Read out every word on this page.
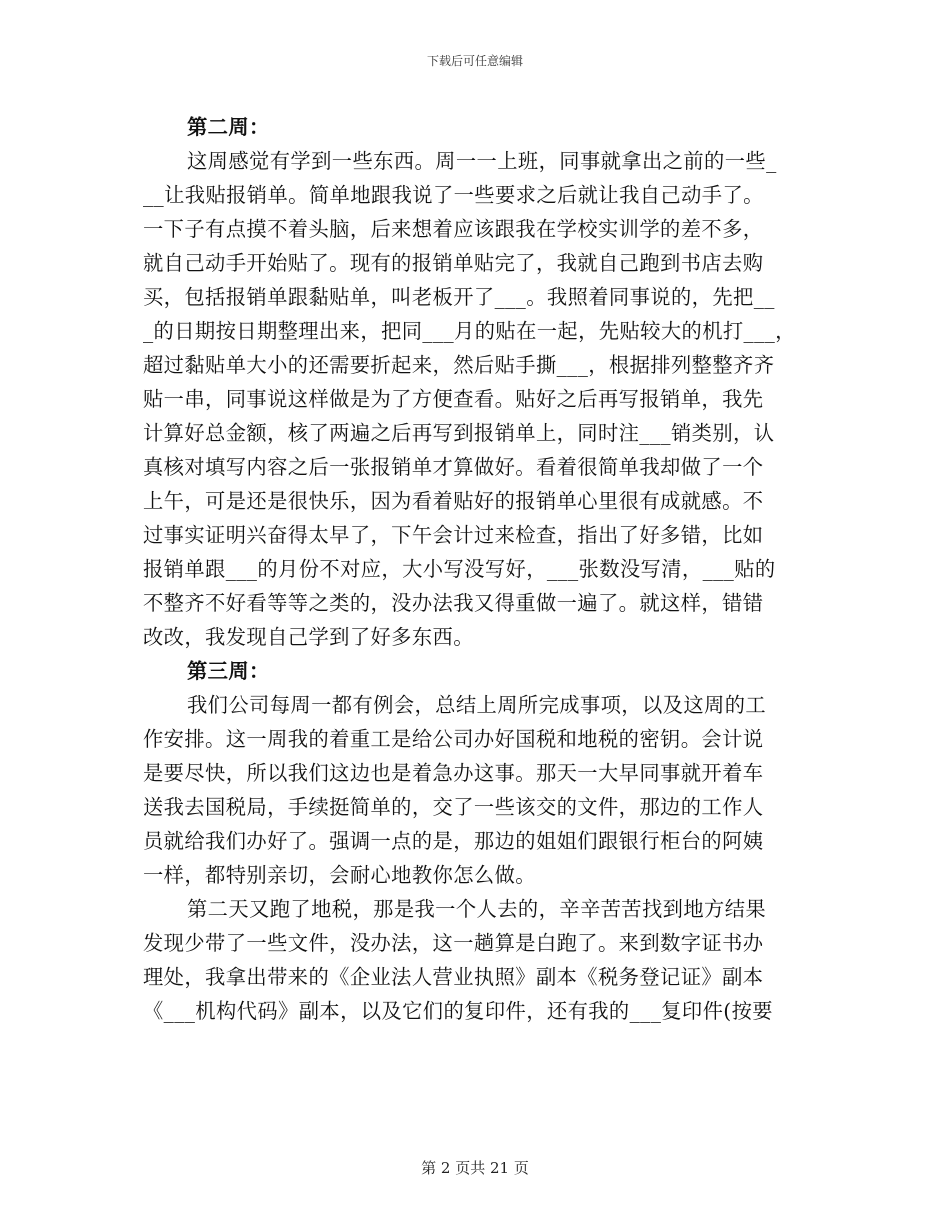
下载后可任意编辑
第二周：
这周感觉有学到一些东西。周一一上班，同事就拿出之前的一些_
__让我贴报销单。简单地跟我说了一些要求之后就让我自己动手了。
一下子有点摸不着头脑，后来想着应该跟我在学校实训学的差不多，
就自己动手开始贴了。现有的报销单贴完了，我就自己跑到书店去购
买，包括报销单跟黏贴单，叫老板开了___。我照着同事说的，先把__
_的日期按日期整理出来，把同___月的贴在一起，先贴较大的机打___，
超过黏贴单大小的还需要折起来，然后贴手撕___，根据排列整整齐齐
贴一串，同事说这样做是为了方便查看。贴好之后再写报销单，我先
计算好总金额，核了两遍之后再写到报销单上，同时注___销类别，认
真核对填写内容之后一张报销单才算做好。看着很简单我却做了一个
上午，可是还是很快乐，因为看着贴好的报销单心里很有成就感。不
过事实证明兴奋得太早了，下午会计过来检查，指出了好多错，比如
报销单跟___的月份不对应，大小写没写好，___张数没写清，___贴的
不整齐不好看等等之类的，没办法我又得重做一遍了。就这样，错错
改改，我发现自己学到了好多东西。
第三周：
我们公司每周一都有例会，总结上周所完成事项，以及这周的工
作安排。这一周我的着重工是给公司办好国税和地税的密钥。会计说
是要尽快，所以我们这边也是着急办这事。那天一大早同事就开着车
送我去国税局，手续挺简单的，交了一些该交的文件，那边的工作人
员就给我们办好了。强调一点的是，那边的姐姐们跟银行柜台的阿姨
一样，都特别亲切，会耐心地教你怎么做。
第二天又跑了地税，那是我一个人去的，辛辛苦苦找到地方结果
发现少带了一些文件，没办法，这一趟算是白跑了。来到数字证书办
理处，我拿出带来的《企业法人营业执照》副本《税务登记证》副本
《___机构代码》副本，以及它们的复印件，还有我的___复印件(按要
第 2 页共 21 页
